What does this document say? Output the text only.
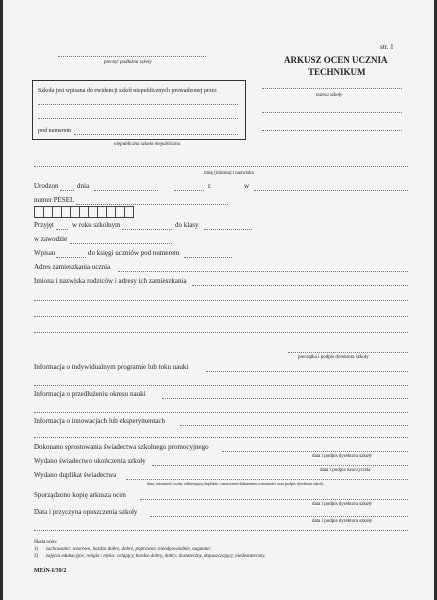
pieczęć podłużna szkoły
str. 1
ARKUSZ OCEN UCZNIA
TECHNIKUM
nazwa szkoły
Szkoła jest wpisana do ewidencji szkół niepublicznych prowadzonej przez
pod numerem
niepubliczna szkoła niepubliczna
imię (imiona) i nazwisko
Urodzon	dnia	r.	w
numer PESEL
Przyjęt	w roku szkolnym	do klasy
w zawodzie
Wpisan	do księgi uczniów pod numerem
Adres zamieszkania ucznia
Imiona i nazwiska rodziców i adresy ich zamieszkania
pieczątka i podpis dyrektora szkoły
Informacja o indywidualnym programie lub toku nauki
Informacja o przedłużeniu okresu nauki
Informacja o innowacjach lub eksperymentach
Dokonano sprostowania świadectwa szkolnego promocyjnego
data i podpis dyrektora szkoły
Wydano świadectwo ukończenia szkoły
data i podpis nauczyciela
Wydano duplikat świadectwa
data, tożsamość osoby odbierającej duplikat i oznaczenie dokumentu tożsamości oraz podpis dyrektora szkoły
Sporządzono kopię arkusza ocen
data i podpis dyrektora szkoły
Data i przyczyna opuszczenia szkoły
data i podpis dyrektora szkoły
Skala ocen:
1) zachowanie: wzorowe, bardzo dobre, dobre, poprawne, nieodpowiednie, naganne;
2) zajęcia edukacyjne, religia / etyka: celujący, bardzo dobry, dobry, dostateczny, dopuszczający, niedostateczny.
MEiN-I/39/2
